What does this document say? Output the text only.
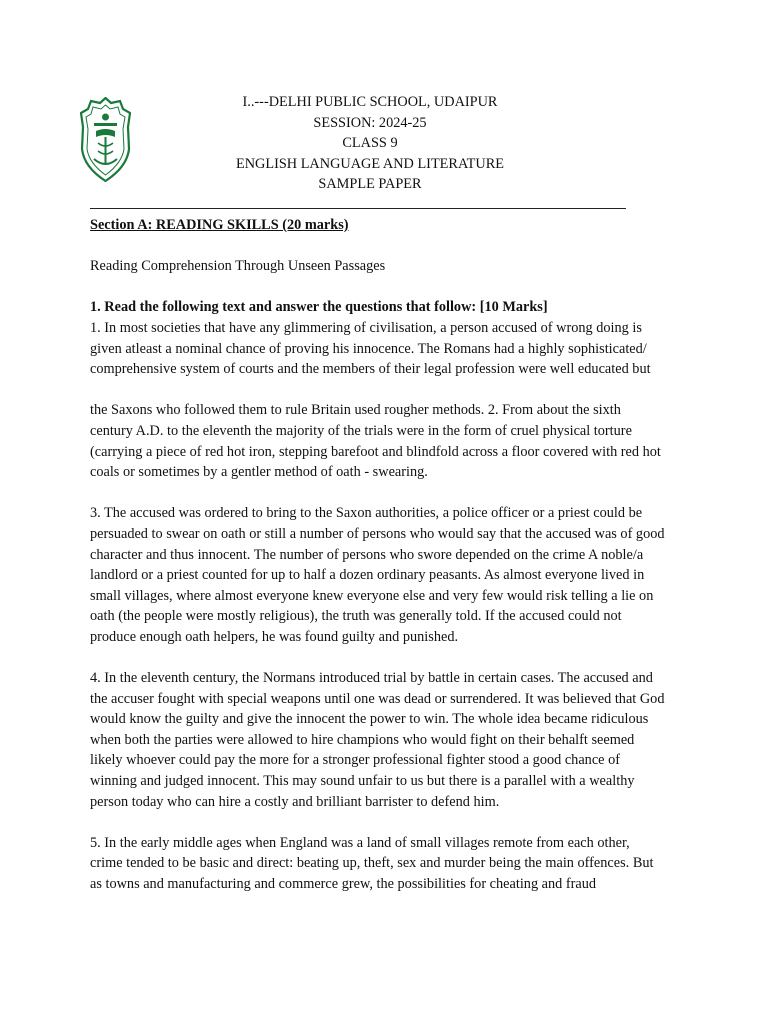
I..---DELHI PUBLIC SCHOOL, UDAIPUR
SESSION: 2024-25
CLASS 9
ENGLISH LANGUAGE AND LITERATURE
SAMPLE PAPER

Section A: READING SKILLS (20 marks)

Reading Comprehension Through Unseen Passages

1. Read the following text and answer the questions that follow: [10 Marks]

1. In most societies that have any glimmering of civilisation, a person accused of wrong doing is given atleast a nominal chance of proving his innocence. The Romans had a highly sophisticated/ comprehensive system of courts and the members of their legal profession were well educated but

the Saxons who followed them to rule Britain used rougher methods. 2. From about the sixth century A.D. to the eleventh the majority of the trials were in the form of cruel physical torture (carrying a piece of red hot iron, stepping barefoot and blindfold across a floor covered with red hot coals or sometimes by a gentler method of oath - swearing.

3. The accused was ordered to bring to the Saxon authorities, a police officer or a priest could be persuaded to swear on oath or still a number of persons who would say that the accused was of good character and thus innocent. The number of persons who swore depended on the crime A noble/a landlord or a priest counted for up to half a dozen ordinary peasants. As almost everyone lived in small villages, where almost everyone knew everyone else and very few would risk telling a lie on oath (the people were mostly religious), the truth was generally told. If the accused could not produce enough oath helpers, he was found guilty and punished.

4. In the eleventh century, the Normans introduced trial by battle in certain cases. The accused and the accuser fought with special weapons until one was dead or surrendered. It was believed that God would know the guilty and give the innocent the power to win. The whole idea became ridiculous when both the parties were allowed to hire champions who would fight on their behalft seemed likely whoever could pay the more for a stronger professional fighter stood a good chance of winning and judged innocent. This may sound unfair to us but there is a parallel with a wealthy person today who can hire a costly and brilliant barrister to defend him.

5. In the early middle ages when England was a land of small villages remote from each other, crime tended to be basic and direct: beating up, theft, sex and murder being the main offences. But as towns and manufacturing and commerce grew, the possibilities for cheating and fraud
